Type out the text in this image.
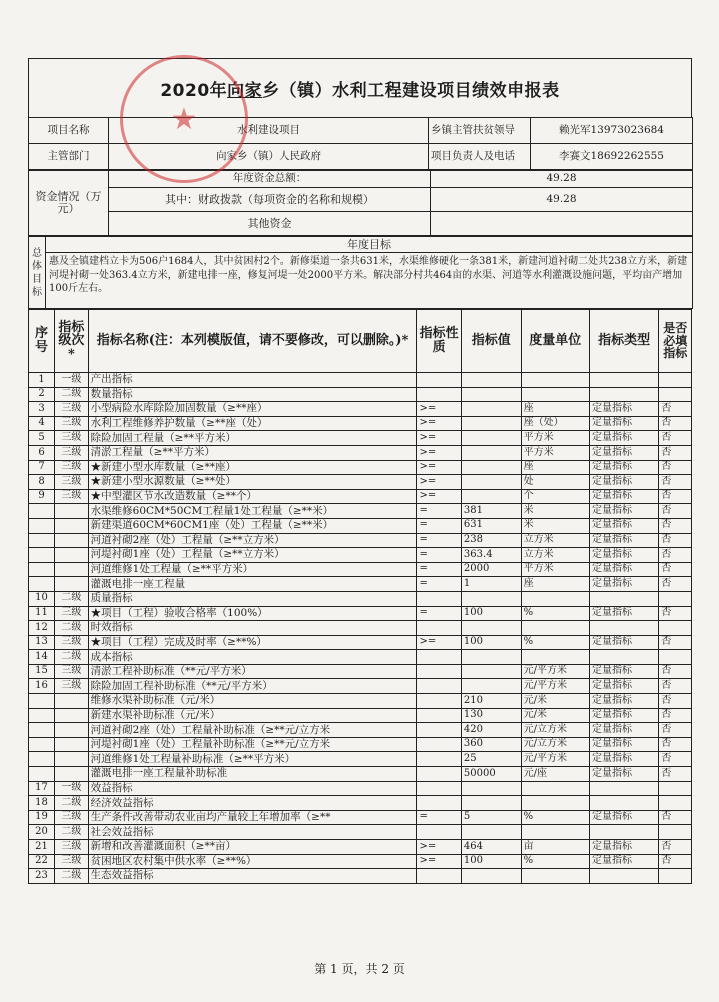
2020年 向家 乡（镇）水利工程建设项目绩效申报表
项目名称	水利建设项目	乡镇主管扶贫领导	赖光军13973023684
主管部门	向家乡（镇）人民政府	项目负责人及电话	李赛文18692262555
资金情况（万元）	年度资金总额：	49.28
	其中：财政拨款（每项资金的名称和规模）	49.28
	其他资金	
总体目标	年度目标
惠及全镇建档立卡为506户1684人，其中贫困村2个。新修渠道一条共631米，水渠维修硬化一条381米，新建河道衬砌二处共238立方米，新建河堤衬砌一处363.4立方米，新建电排一座，修复河堤一处2000平方米。解决部分村共464亩的水渠、河道等水利灌溉设施问题，平均亩产增加100斤左右。
序号	指标级次*	指标名称(注：本列模版值，请不要修改，可以删除。)*	指标性质	指标值	度量单位	指标类型	是否必填指标
1	一级	产出指标					
2	二级	数量指标					
3	三级	小型病险水库除险加固数量（≥**座）	>=		座	定量指标	否
4	三级	水利工程维修养护数量（≥**座（处）	>=		座（处）	定量指标	否
5	三级	除险加固工程量（≥**平方米）	>=		平方米	定量指标	否
6	三级	清淤工程量（≥**平方米）	>=		平方米	定量指标	否
7	三级	★新建小型水库数量（≥**座）	>=		座	定量指标	否
8	三级	★新建小型水源数量（≥**处）	>=		处	定量指标	否
9	三级	★中型灌区节水改造数量（≥**个）	>=		个	定量指标	否
		水渠维修60CM*50CM工程量1处工程量（≥**米）	=	381	米	定量指标	否
		新建渠道60CM*60CM1座（处）工程量（≥**米）	=	631	米	定量指标	否
		河道衬砌2座（处）工程量（≥**立方米）	=	238	立方米	定量指标	否
		河堤衬砌1座（处）工程量（≥**立方米）	=	363.4	立方米	定量指标	否
		河道维修1处工程量（≥**平方米）	=	2000	平方米	定量指标	否
		灌溉电排一座工程量	=	1	座	定量指标	否
10	二级	质量指标					
11	三级	★项目（工程）验收合格率（100%）	=	100	%	定量指标	否
12	二级	时效指标					
13	三级	★项目（工程）完成及时率（≥**%）	>=	100	%	定量指标	否
14	二级	成本指标					
15	三级	清淤工程补助标准（**元/平方米）			元/平方米	定量指标	否
16	三级	除险加固工程补助标准（**元/平方米）			元/平方米	定量指标	否
		维修水渠补助标准（元/米）		210	元/米	定量指标	否
		新建水渠补助标准（元/米）		130	元/米	定量指标	否
		河道衬砌2座（处）工程量补助标准（≥**元/立方米		420	元/立方米	定量指标	否
		河堤衬砌1座（处）工程量补助标准（≥**元/立方米		360	元/立方米	定量指标	否
		河道维修1处工程量补助标准（≥**平方米）		25	元/平方米	定量指标	否
		灌溉电排一座工程量补助标准		50000	元/座	定量指标	否
17	一级	效益指标					
18	二级	经济效益指标					
19	三级	生产条件改善带动农业亩均产量较上年增加率（≥**	=	5	%	定量指标	否
20	二级	社会效益指标					
21	三级	新增和改善灌溉面积（≥**亩）	>=	464	亩	定量指标	否
22	三级	贫困地区农村集中供水率（≥**%）	>=	100	%	定量指标	否
23	二级	生态效益指标					
★
第 1 页，共 2 页
